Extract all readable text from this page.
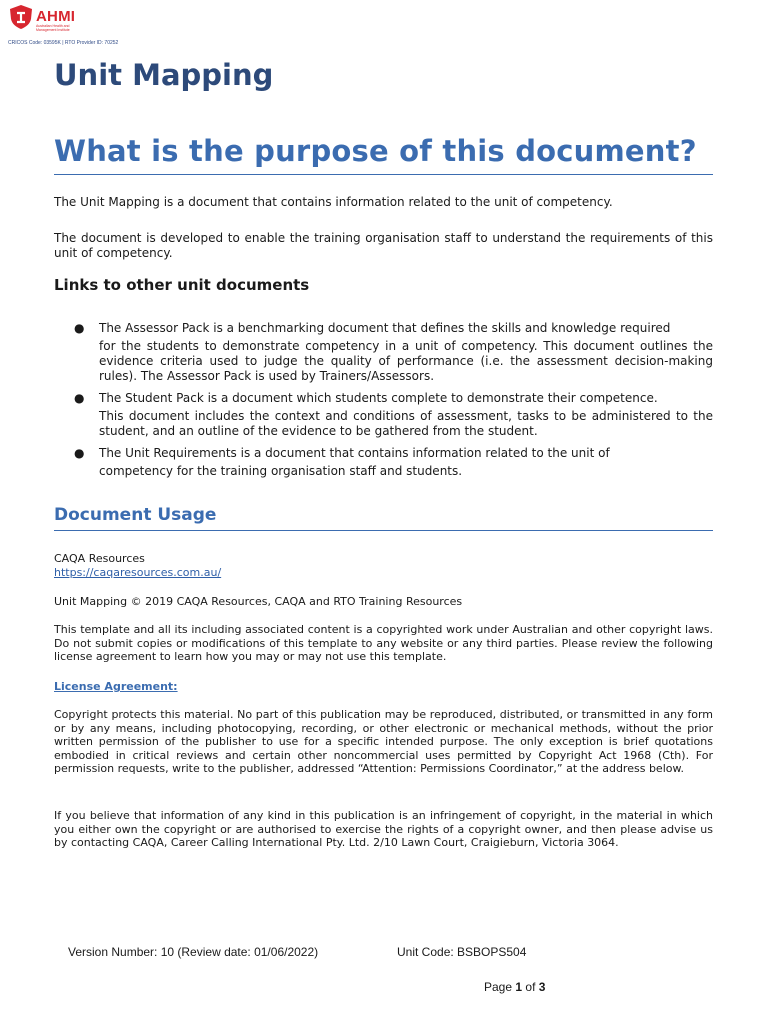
AHMI
Australian Health and Management Institute
CRICOS Code: 03595K | RTO Provider ID: 70252
Unit Mapping
What is the purpose of this document?

The Unit Mapping is a document that contains information related to the unit of competency.

The document is developed to enable the training organisation staff to understand the requirements of this unit of competency.

Links to other unit documents
● The Assessor Pack is a benchmarking document that defines the skills and knowledge required
for the students to demonstrate competency in a unit of competency. This document outlines the evidence criteria used to judge the quality of performance (i.e. the assessment decision-making rules). The Assessor Pack is used by Trainers/Assessors.
● The Student Pack is a document which students complete to demonstrate their competence.
This document includes the context and conditions of assessment, tasks to be administered to the student, and an outline of the evidence to be gathered from the student.
● The Unit Requirements is a document that contains information related to the unit of
competency for the training organisation staff and students.
Document Usage

CAQA Resources
https://caqaresources.com.au/

Unit Mapping © 2019 CAQA Resources, CAQA and RTO Training Resources

This template and all its including associated content is a copyrighted work under Australian and other copyright laws. Do not submit copies or modifications of this template to any website or any third parties. Please review the following license agreement to learn how you may or may not use this template.

License Agreement:

Copyright protects this material. No part of this publication may be reproduced, distributed, or transmitted in any form or by any means, including photocopying, recording, or other electronic or mechanical methods, without the prior written permission of the publisher to use for a specific intended purpose. The only exception is brief quotations embodied in critical reviews and certain other noncommercial uses permitted by Copyright Act 1968 (Cth). For permission requests, write to the publisher, addressed “Attention: Permissions Coordinator,” at the address below.

If you believe that information of any kind in this publication is an infringement of copyright, in the material in which you either own the copyright or are authorised to exercise the rights of a copyright owner, and then please advise us by contacting CAQA, Career Calling International Pty. Ltd. 2/10 Lawn Court, Craigieburn, Victoria 3064.

Version Number: 10 (Review date: 01/06/2022)	Unit Code: BSBOPS504
Page 1 of 3
